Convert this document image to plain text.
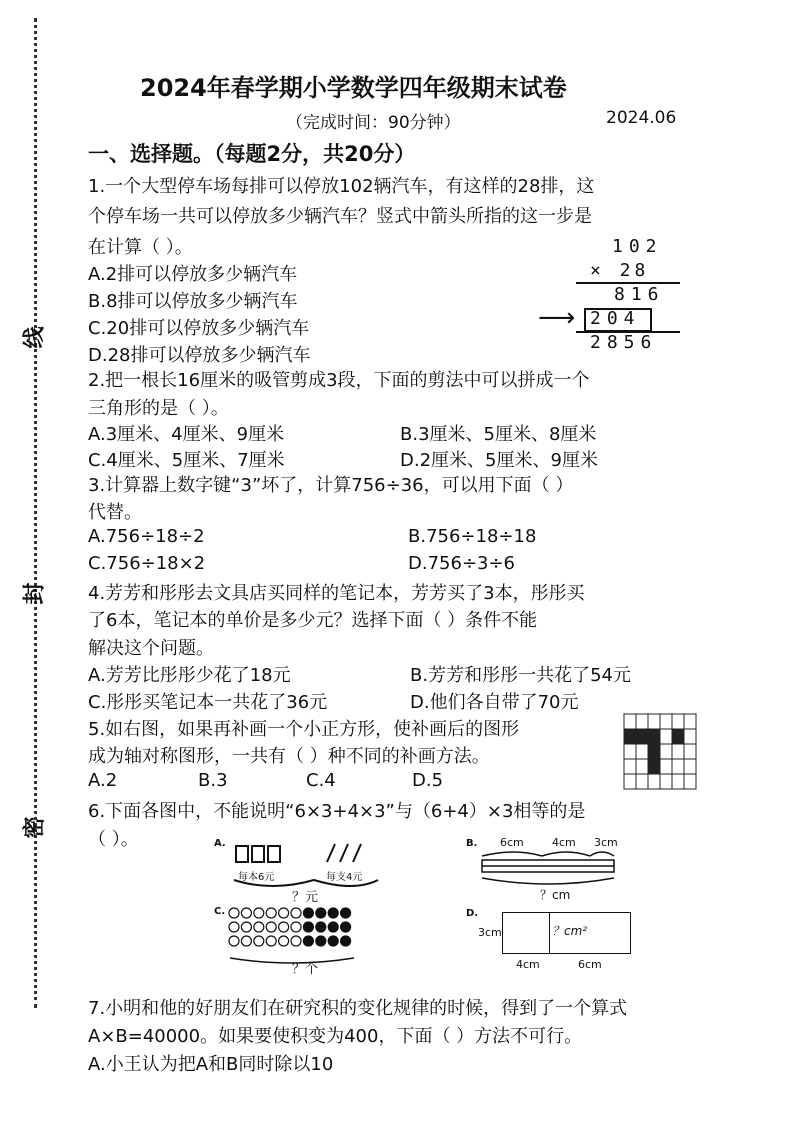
线
封
密
2024年春学期小学数学四年级期末试卷
（完成时间：90分钟）	2024.06
一、选择题。（每题2分，共20分）
1.一个大型停车场每排可以停放102辆汽车，有这样的28排，这
个停车场一共可以停放多少辆汽车？竖式中箭头所指的这一步是
在计算（ ）。
A.2排可以停放多少辆汽车
B.8排可以停放多少辆汽车
C.20排可以停放多少辆汽车
D.28排可以停放多少辆汽车
102
× 28
816
⟶ 204
2856
2.把一根长16厘米的吸管剪成3段，下面的剪法中可以拼成一个
三角形的是（ ）。
A.3厘米、4厘米、9厘米	B.3厘米、5厘米、8厘米
C.4厘米、5厘米、7厘米	D.2厘米、5厘米、9厘米
3.计算器上数字键“3”坏了，计算756÷36，可以用下面（ ）
代替。
A.756÷18÷2	B.756÷18÷18
C.756÷18×2	D.756÷3÷6
4.芳芳和彤彤去文具店买同样的笔记本，芳芳买了3本，彤彤买
了6本，笔记本的单价是多少元？选择下面（ ）条件不能
解决这个问题。
A.芳芳比彤彤少花了18元	B.芳芳和彤彤一共花了54元
C.彤彤买笔记本一共花了36元	D.他们各自带了70元
5.如右图，如果再补画一个小正方形，使补画后的图形
成为轴对称图形，一共有（ ）种不同的补画方法。
A.2	B.3	C.4	D.5
6.下面各图中，不能说明“6×3+4×3”与（6+4）×3相等的是
（ ）。	A.
每本6元	每支4元
？元
B. 6cm	4cm 3cm
？cm
C.
？个
D.
3cm	？cm²
4cm	6cm
7.小明和他的好朋友们在研究积的变化规律的时候，得到了一个算式
A×B=40000。如果要使积变为400，下面（ ）方法不可行。
A.小王认为把A和B同时除以10
